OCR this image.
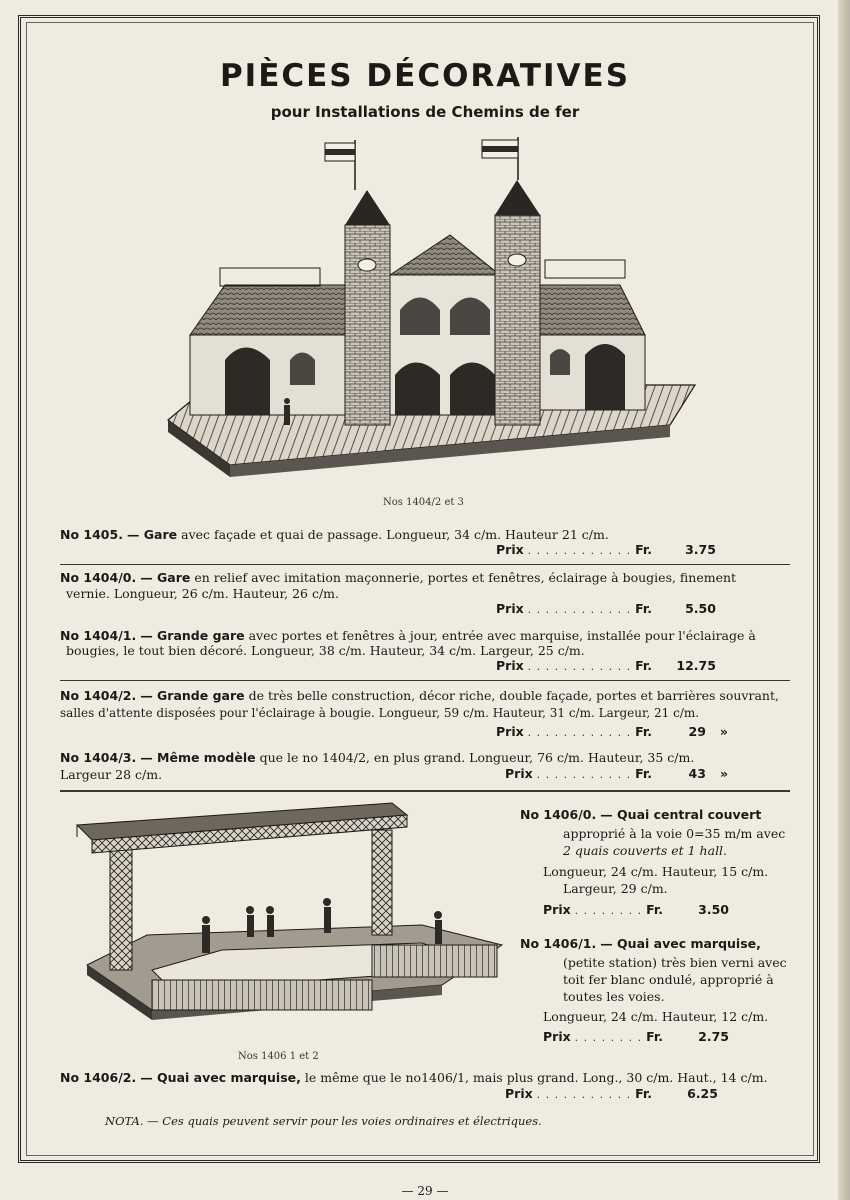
PIÈCES DÉCORATIVES
pour Installations de Chemins de fer
Nos 1404/2 et 3
No 1405. — Gare avec façade et quai de passage. Longueur, 34 c/m. Hauteur 21 c/m.
Prix . . . . . . . . . . . . Fr.	3.75
No 1404/0. — Gare en relief avec imitation maçonnerie, portes et fenêtres, éclairage à bougies, finement
vernie. Longueur, 26 c/m. Hauteur, 26 c/m.
Prix . . . . . . . . . . . . Fr.	5.50
No 1404/1. — Grande gare avec portes et fenêtres à jour, entrée avec marquise, installée pour l'éclairage à
bougies, le tout bien décoré. Longueur, 38 c/m. Hauteur, 34 c/m. Largeur, 25 c/m.
Prix . . . . . . . . . . . . Fr. 12.75
No 1404/2. — Grande gare de très belle construction, décor riche, double façade, portes et barrières souvrant,
salles d'attente disposées pour l'éclairage à bougie. Longueur, 59 c/m. Hauteur, 31 c/m. Largeur, 21 c/m.
Prix . . . . . . . . . . . . Fr.	29 »
No 1404/3. — Même modèle que le no 1404/2, en plus grand. Longueur, 76 c/m. Hauteur, 35 c/m.
Largeur 28 c/m.	Prix . . . . . . . . . . . Fr.	43 »
Nos 1406 1 et 2
No 1406/0. — Quai central couvert
approprié à la voie 0=35 m/m avec
2 quais couverts et 1 hall.
Longueur, 24 c/m. Hauteur, 15 c/m.
Largeur, 29 c/m.
Prix . . . . . . . . Fr.	3.50
No 1406/1. — Quai avec marquise,
(petite station) très bien verni avec
toit fer blanc ondulé, approprié à
toutes les voies.
Longueur, 24 c/m. Hauteur, 12 c/m.
Prix . . . . . . . . Fr.	2.75
No 1406/2. — Quai avec marquise, le même que le no1406/1, mais plus grand. Long., 30 c/m. Haut., 14 c/m.
Prix . . . . . . . . . . . Fr.	6.25
NOTA. — Ces quais peuvent servir pour les voies ordinaires et électriques.
— 29 —
